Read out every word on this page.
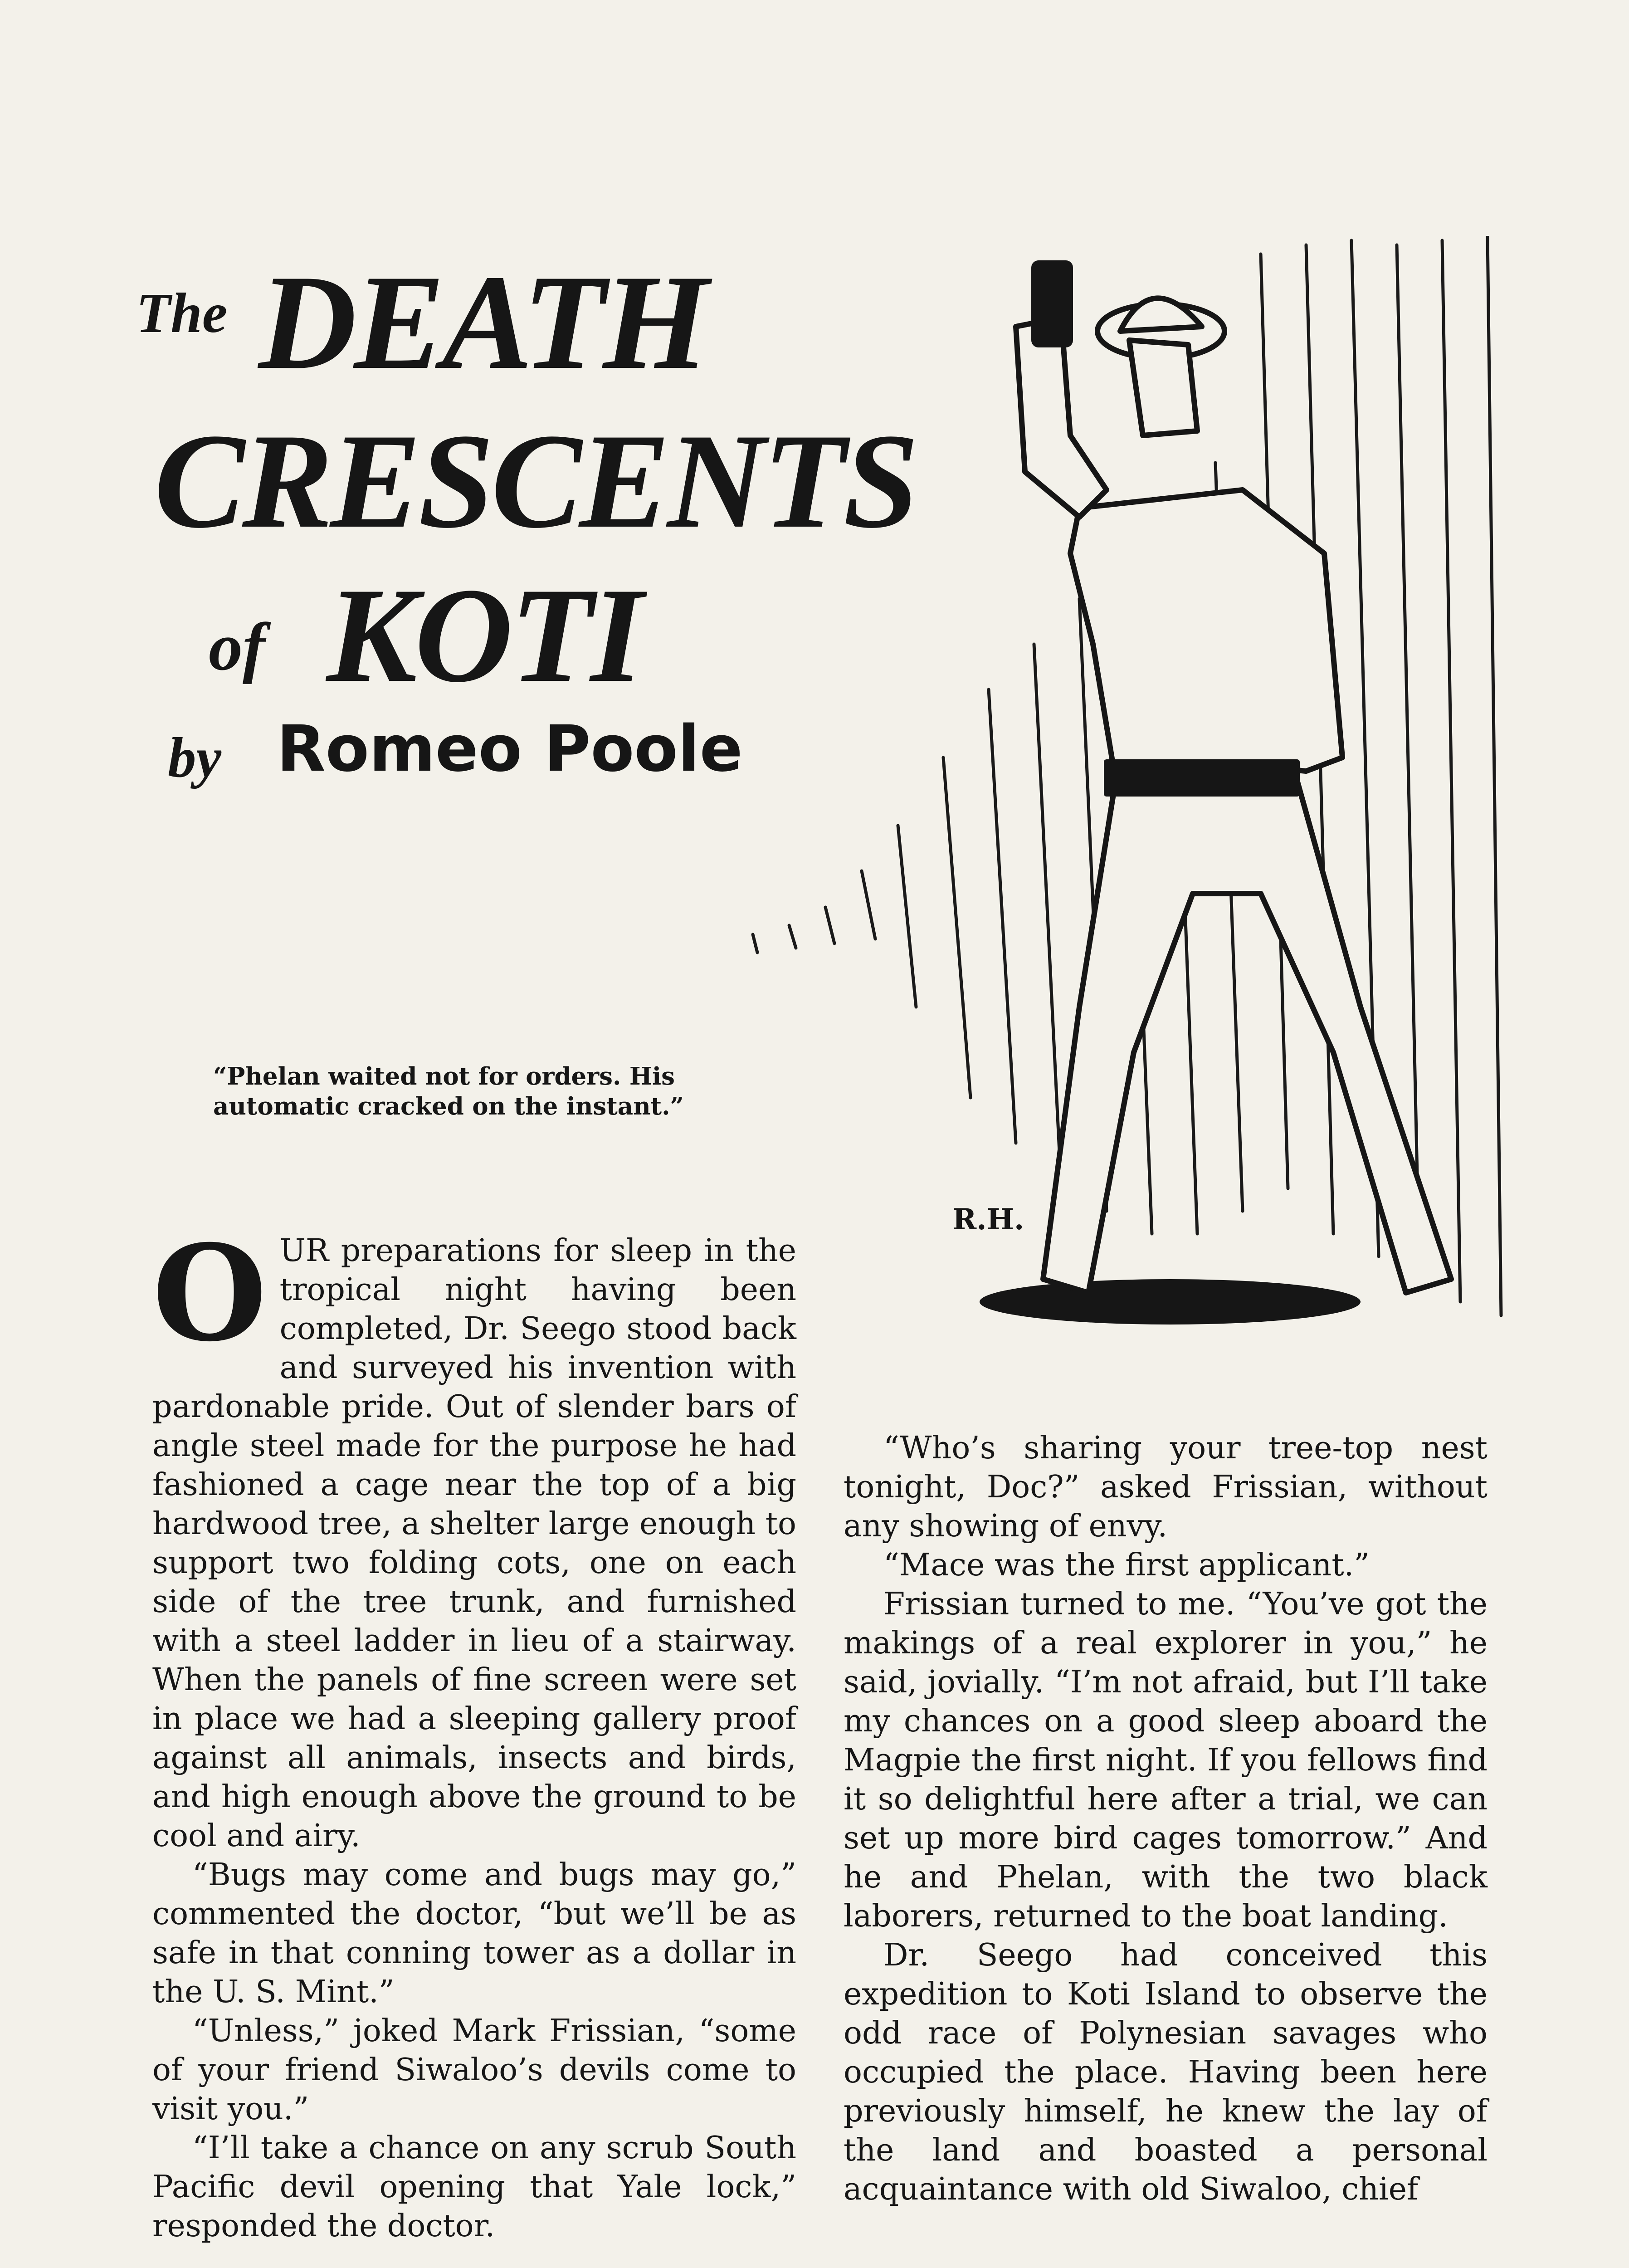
The DEATH
CRESCENTS
of KOTI
by Romeo Poole
R.H.
“Phelan waited not for orders. His automatic cracked on the instant.”

OUR preparations for sleep in the tropical night having been completed, Dr. Seego stood back and surveyed his invention with pardonable pride. Out of slender bars of angle steel made for the purpose he had fashioned a cage near the top of a big hardwood tree, a shelter large enough to support two folding cots, one on each side of the tree trunk, and furnished with a steel ladder in lieu of a stairway. When the panels of fine screen were set in place we had a sleeping gallery proof against all animals, insects and birds, and high enough above the ground to be cool and airy.

“Bugs may come and bugs may go,” commented the doctor, “but we’ll be as safe in that conning tower as a dollar in the U. S. Mint.”

“Unless,” joked Mark Frissian, “some of your friend Siwaloo’s devils come to visit you.”

“I’ll take a chance on any scrub South Pacific devil opening that Yale lock,” responded the doctor.

“Who’s sharing your tree-top nest tonight, Doc?” asked Frissian, without any showing of envy.

“Mace was the first applicant.”

Frissian turned to me. “You’ve got the makings of a real explorer in you,” he said, jovially. “I’m not afraid, but I’ll take my chances on a good sleep aboard the Magpie the first night. If you fellows find it so delightful here after a trial, we can set up more bird cages tomorrow.” And he and Phelan, with the two black laborers, returned to the boat landing.

Dr. Seego had conceived this expedition to Koti Island to observe the odd race of Polynesian savages who occupied the place. Having been here previously himself, he knew the lay of the land and boasted a personal acquaintance with old Siwaloo, chief
